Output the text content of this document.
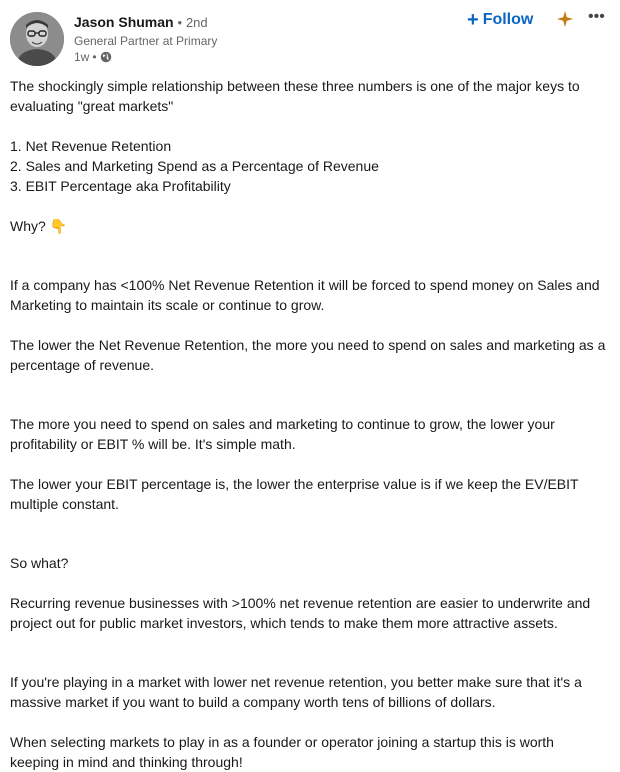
Jason Shuman • 2nd
General Partner at Primary
1w •
+ Follow	•••

The shockingly simple relationship between these three numbers is one of the major keys to evaluating "great markets"

1. Net Revenue Retention

2. Sales and Marketing Spend as a Percentage of Revenue

3. EBIT Percentage aka Profitability

Why? 👇

If a company has <100% Net Revenue Retention it will be forced to spend money on Sales and Marketing to maintain its scale or continue to grow.

The lower the Net Revenue Retention, the more you need to spend on sales and marketing as a percentage of revenue.

The more you need to spend on sales and marketing to continue to grow, the lower your profitability or EBIT % will be. It's simple math.

The lower your EBIT percentage is, the lower the enterprise value is if we keep the EV/EBIT multiple constant.

So what?

Recurring revenue businesses with >100% net revenue retention are easier to underwrite and project out for public market investors, which tends to make them more attractive assets.

If you're playing in a market with lower net revenue retention, you better make sure that it's a massive market if you want to build a company worth tens of billions of dollars.

When selecting markets to play in as a founder or operator joining a startup this is worth keeping in mind and thinking through!
